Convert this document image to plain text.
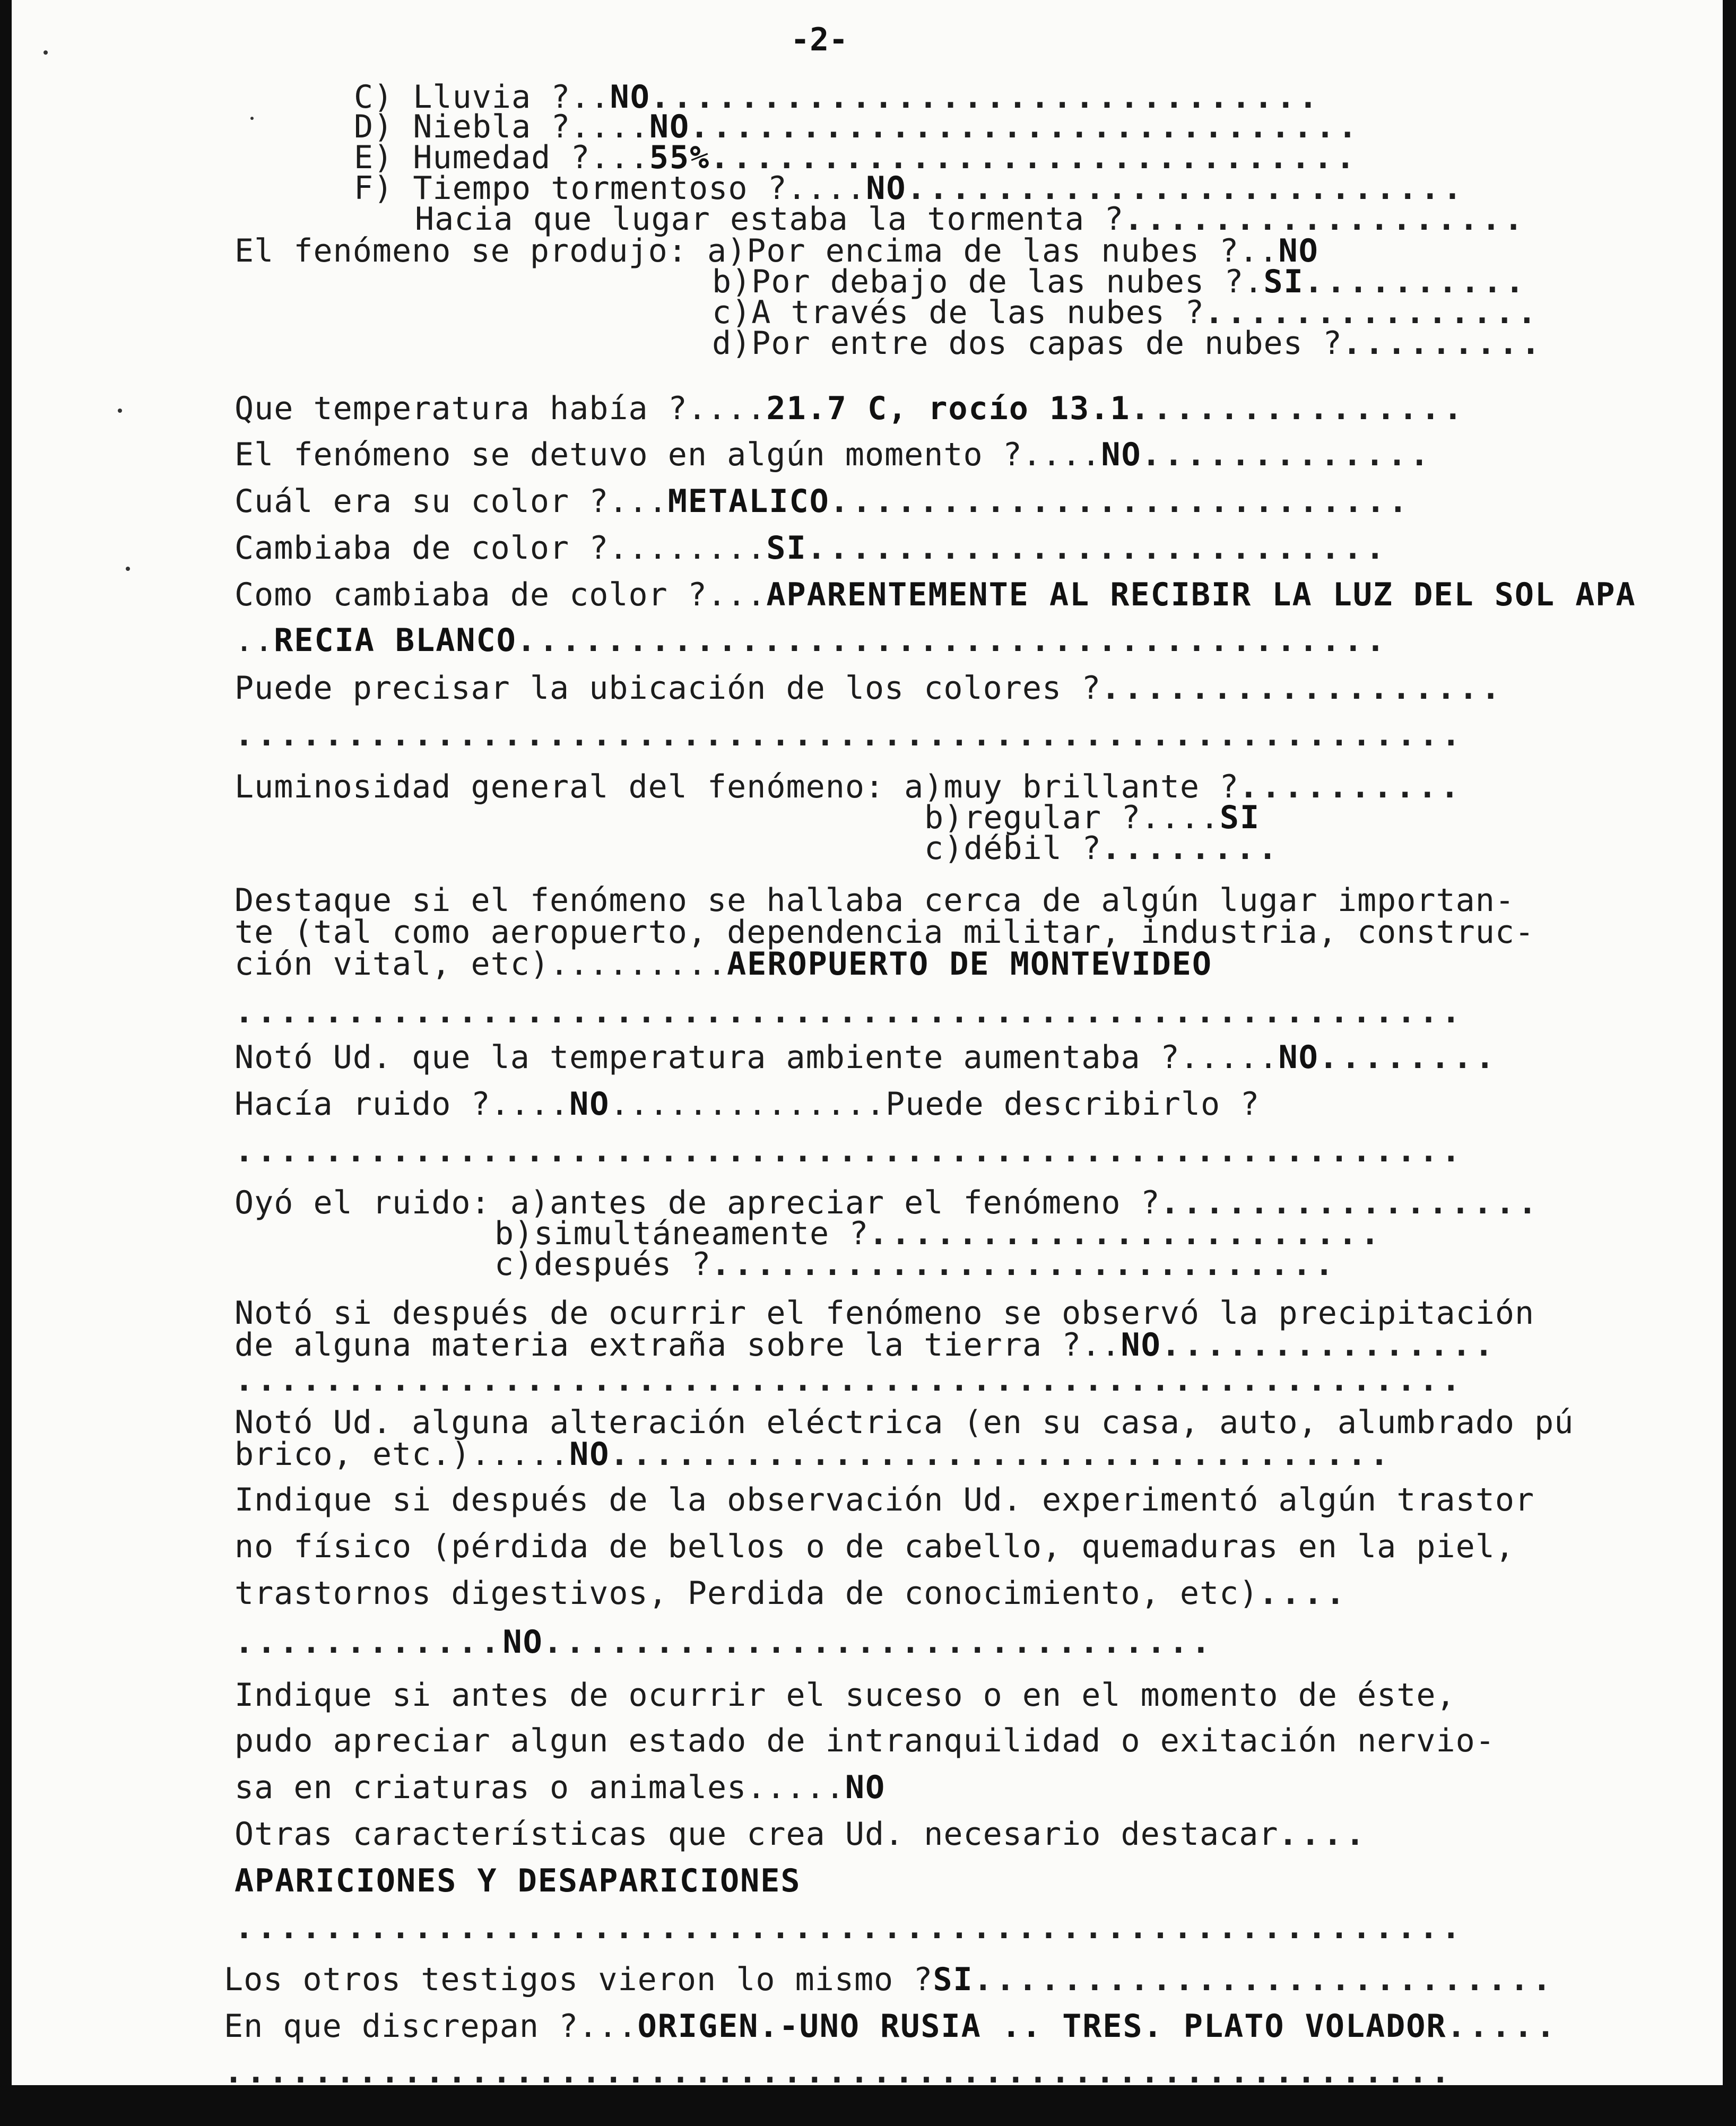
-2-
C) Lluvia ?..NO..............................
D) Niebla ?....NO..............................
E) Humedad ?...55%.............................
F) Tiempo tormentoso ?....NO.........................
Hacia que lugar estaba la tormenta ?..................
El fenómeno se produjo: a)Por encima de las nubes ?..NO
b)Por debajo de las nubes ?.SI..........
c)A través de las nubes ?...............
d)Por entre dos capas de nubes ?.........
Que temperatura había ?....21.7 C, rocío 13.1...............
El fenómeno se detuvo en algún momento ?....NO.............
Cuál era su color ?...METALICO..........................
Cambiaba de color ?........SI..........................
Como cambiaba de color ?...APARENTEMENTE AL RECIBIR LA LUZ DEL SOL APA
..RECIA BLANCO.......................................
Puede precisar la ubicación de los colores ?..................
.......................................................
Luminosidad general del fenómeno: a)muy brillante ?..........
b)regular ?....SI
c)débil ?........
Destaque si el fenómeno se hallaba cerca de algún lugar importan-
te (tal como aeropuerto, dependencia militar, industria, construc-
ción vital, etc).........AEROPUERTO DE MONTEVIDEO
.......................................................
Notó Ud. que la temperatura ambiente aumentaba ?.....NO........
Hacía ruido ?....NO..............Puede describirlo ?
.......................................................
Oyó el ruido: a)antes de apreciar el fenómeno ?.................
b)simultáneamente ?.......................
c)después ?............................
Notó si después de ocurrir el fenómeno se observó la precipitación
de alguna materia extraña sobre la tierra ?..NO...............
.......................................................
Notó Ud. alguna alteración eléctrica (en su casa, auto, alumbrado pú
brico, etc.).....NO...................................
Indique si después de la observación Ud. experimentó algún trastor
no físico (pérdida de bellos o de cabello, quemaduras en la piel,
trastornos digestivos, Perdida de conocimiento, etc)....
............NO..............................
Indique si antes de ocurrir el suceso o en el momento de éste,
pudo apreciar algun estado de intranquilidad o exitación nervio-
sa en criaturas o animales.....NO
Otras características que crea Ud. necesario destacar....
APARICIONES Y DESAPARICIONES
.......................................................
Los otros testigos vieron lo mismo ?SI..........................
En que discrepan ?...ORIGEN.-UNO RUSIA .. TRES. PLATO VOLADOR.....
.......................................................
